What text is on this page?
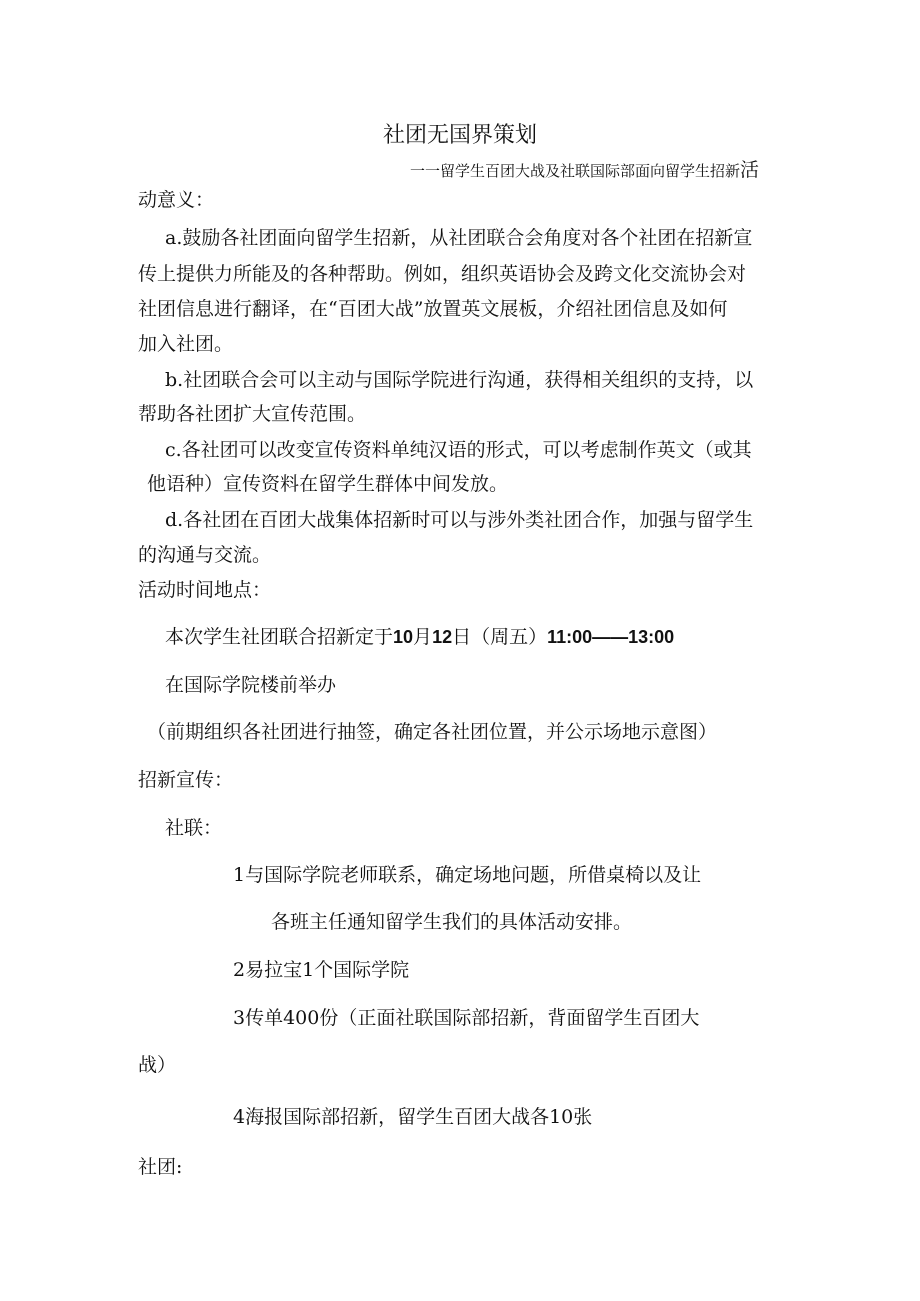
社团无国界策划
一一留学生百团大战及社联国际部面向留学生招新活
动意义：
a.鼓励各社团面向留学生招新，从社团联合会角度对各个社团在招新宣
传上提供力所能及的各种帮助。例如，组织英语协会及跨文化交流协会对
社团信息进行翻译，在“百团大战”放置英文展板，介绍社团信息及如何
加入社团。
b.社团联合会可以主动与国际学院进行沟通，获得相关组织的支持，以
帮助各社团扩大宣传范围。
c.各社团可以改变宣传资料单纯汉语的形式，可以考虑制作英文（或其
他语种）宣传资料在留学生群体中间发放。
d.各社团在百团大战集体招新时可以与涉外类社团合作，加强与留学生
的沟通与交流。
活动时间地点：
本次学生社团联合招新定于10月12日（周五）11:00——13:00
在国际学院楼前举办
（前期组织各社团进行抽签，确定各社团位置，并公示场地示意图）
招新宣传：
社联：
1与国际学院老师联系，确定场地问题，所借桌椅以及让
各班主任通知留学生我们的具体活动安排。
2易拉宝1个国际学院
3传单400份（正面社联国际部招新，背面留学生百团大
战）
4海报国际部招新，留学生百团大战各10张
社团:
